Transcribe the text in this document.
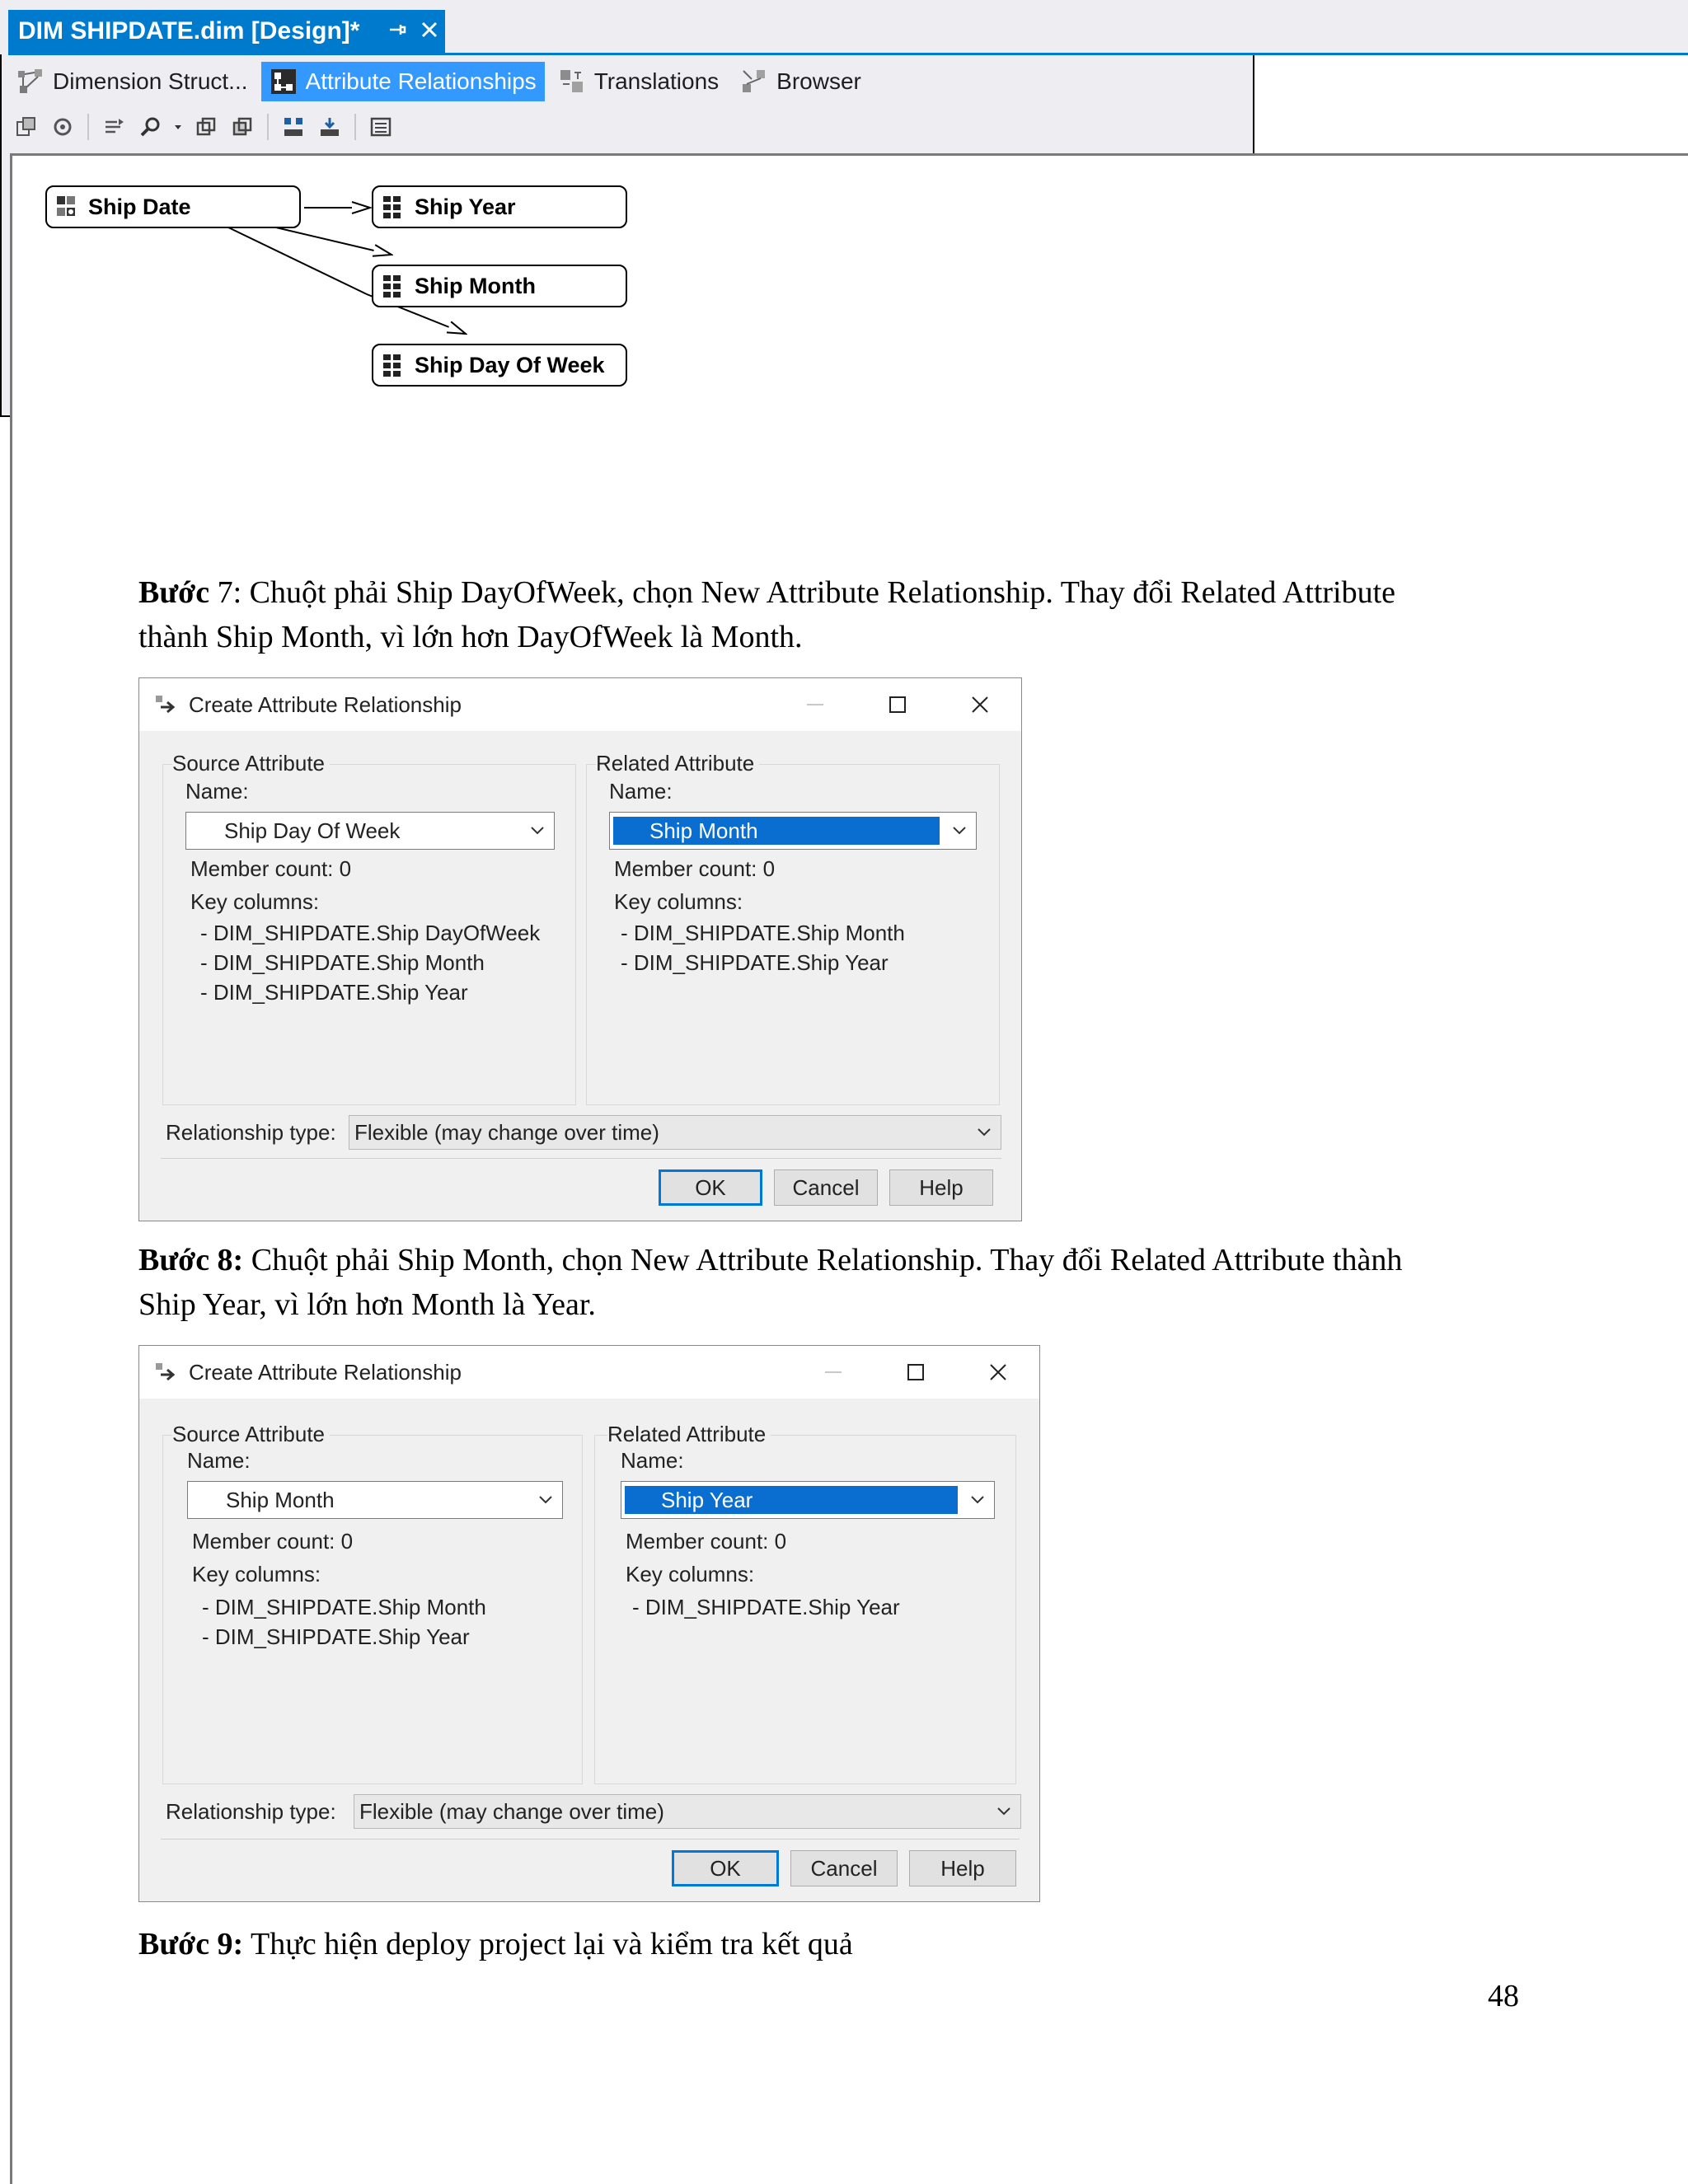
DIM SHIPDATE.dim [Design]*
Dimension Struct...	Attribute Relationships	Translations	Browser
Ship Date	Ship Year
Ship Month
Ship Day Of Week
Bước 7: Chuột phải Ship DayOfWeek, chọn New Attribute Relationship. Thay đổi Related Attribute
thành Ship Month, vì lớn hơn DayOfWeek là Month.
Create Attribute Relationship
Source Attribute
Name:
Ship Day Of Week
Member count: 0
Key columns:
- DIM_SHIPDATE.Ship DayOfWeek
- DIM_SHIPDATE.Ship Month
- DIM_SHIPDATE.Ship Year
Related Attribute
Name:
Ship Month
Member count: 0
Key columns:
- DIM_SHIPDATE.Ship Month
- DIM_SHIPDATE.Ship Year
Relationship type: Flexible (may change over time)
OK	Cancel	Help
Bước 8: Chuột phải Ship Month, chọn New Attribute Relationship. Thay đổi Related Attribute thành
Ship Year, vì lớn hơn Month là Year.
Create Attribute Relationship
Source Attribute
Name:
Ship Month
Member count: 0
Key columns:
- DIM_SHIPDATE.Ship Month
- DIM_SHIPDATE.Ship Year
Related Attribute
Name:
Ship Year
Member count: 0
Key columns:
- DIM_SHIPDATE.Ship Year
Relationship type: Flexible (may change over time)
OK	Cancel	Help
Bước 9: Thực hiện deploy project lại và kiểm tra kết quả
48
